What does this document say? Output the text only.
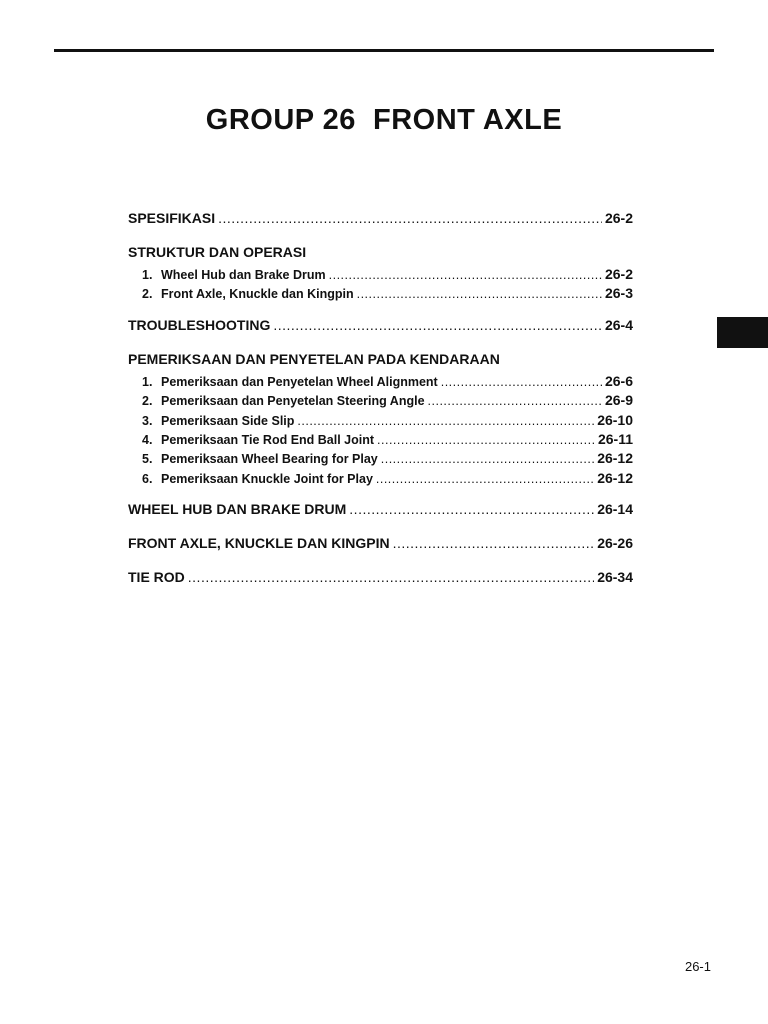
GROUP 26  FRONT AXLE
SPESIFIKASI .....	26-2
STRUKTUR DAN OPERASI
1. Wheel Hub dan Brake Drum .....	26-2
2. Front Axle, Knuckle dan Kingpin .....	26-3
TROUBLESHOOTING .....	26-4
PEMERIKSAAN DAN PENYETELAN PADA KENDARAAN
1. Pemeriksaan dan Penyetelan Wheel Alignment .....	26-6
2. Pemeriksaan dan Penyetelan Steering Angle .....	26-9
3. Pemeriksaan Side Slip .....	26-10
4. Pemeriksaan Tie Rod End Ball Joint .....	26-11
5. Pemeriksaan Wheel Bearing for Play .....	26-12
6. Pemeriksaan Knuckle Joint for Play .....	26-12
WHEEL HUB DAN BRAKE DRUM .....	26-14
FRONT AXLE, KNUCKLE DAN KINGPIN .....	26-26
TIE ROD .....	26-34
26-1
